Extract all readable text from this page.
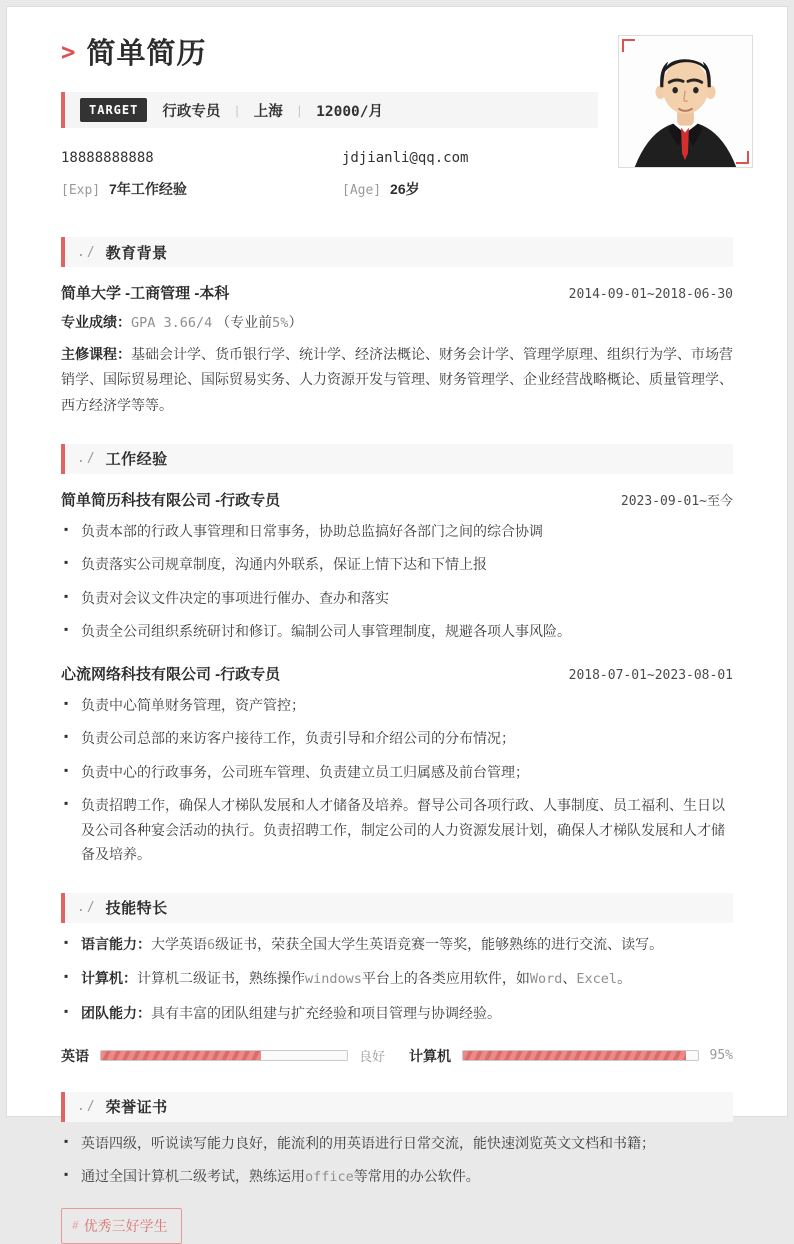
> 简单简历
TARGET	行政专员 | 上海 | 12000/月
18888888888	jdjianli@qq.com
[Exp] 7年工作经验	[Age] 26岁
./ 教育背景
简单大学 -工商管理 -本科	2014-09-01~2018-06-30
专业成绩：GPA 3.66/4 （专业前5%）
主修课程：基础会计学、货币银行学、统计学、经济法概论、财务会计学、管理学原理、组织行为学、市场营销学、国际贸易理论、国际贸易实务、人力资源开发与管理、财务管理学、企业经营战略概论、质量管理学、西方经济学等等。
./ 工作经验
简单简历科技有限公司 -行政专员	2023-09-01~至今
▪ 负责本部的行政人事管理和日常事务，协助总监搞好各部门之间的综合协调
▪ 负责落实公司规章制度，沟通内外联系，保证上情下达和下情上报
▪ 负责对会议文件决定的事项进行催办、查办和落实
▪ 负责全公司组织系统研讨和修订。编制公司人事管理制度，规避各项人事风险。
心流网络科技有限公司 -行政专员	2018-07-01~2023-08-01
▪ 负责中心简单财务管理，资产管控；
▪ 负责公司总部的来访客户接待工作，负责引导和介绍公司的分布情况；
▪ 负责中心的行政事务，公司班车管理、负责建立员工归属感及前台管理；
▪ 负责招聘工作，确保人才梯队发展和人才储备及培养。督导公司各项行政、人事制度、员工福利、生日以及公司各种宴会活动的执行。负责招聘工作，制定公司的人力资源发展计划，确保人才梯队发展和人才储备及培养。
./ 技能特长
▪ 语言能力：大学英语6级证书，荣获全国大学生英语竞赛一等奖，能够熟练的进行交流、读写。
▪ 计算机：计算机二级证书，熟练操作windows平台上的各类应用软件，如Word、Excel。
▪ 团队能力：具有丰富的团队组建与扩充经验和项目管理与协调经验。
英语	良好 计算机	95%
./ 荣誉证书
▪ 英语四级，听说读写能力良好，能流利的用英语进行日常交流，能快速浏览英文文档和书籍；
▪ 通过全国计算机二级考试，熟练运用office等常用的办公软件。
# 优秀三好学生
